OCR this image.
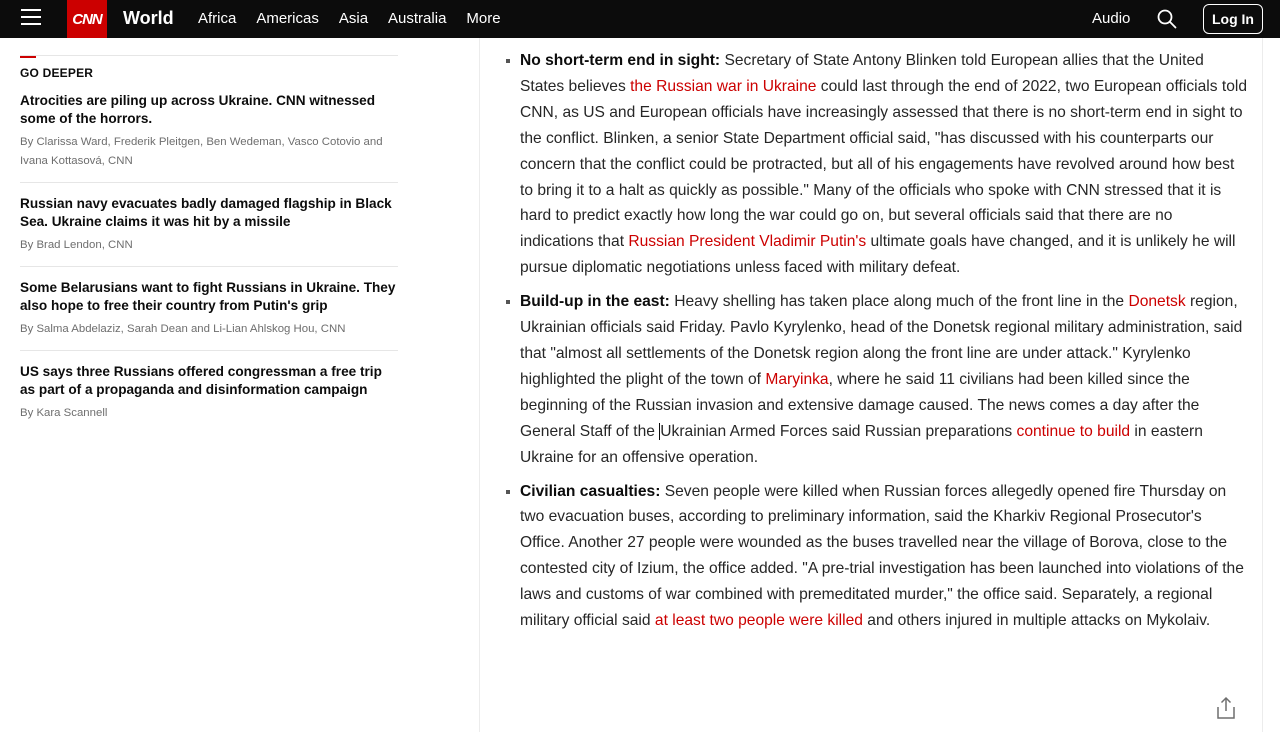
CNN World Africa Americas Asia Australia More	Audio	Log In
GO DEEPER
Atrocities are piling up across Ukraine. CNN witnessed some of the horrors.
By Clarissa Ward, Frederik Pleitgen, Ben Wedeman, Vasco Cotovio and Ivana Kottasová, CNN
Russian navy evacuates badly damaged flagship in Black Sea. Ukraine claims it was hit by a missile
By Brad Lendon, CNN
Some Belarusians want to fight Russians in Ukraine. They also hope to free their country from Putin's grip
By Salma Abdelaziz, Sarah Dean and Li-Lian Ahlskog Hou, CNN
US says three Russians offered congressman a free trip as part of a propaganda and disinformation campaign
By Kara Scannell
No short-term end in sight: Secretary of State Antony Blinken told European allies that the United States believes the Russian war in Ukraine could last through the end of 2022, two European officials told CNN, as US and European officials have increasingly assessed that there is no short-term end in sight to the conflict. Blinken, a senior State Department official said, "has discussed with his counterparts our concern that the conflict could be protracted, but all of his engagements have revolved around how best to bring it to a halt as quickly as possible." Many of the officials who spoke with CNN stressed that it is hard to predict exactly how long the war could go on, but several officials said that there are no indications that Russian President Vladimir Putin's ultimate goals have changed, and it is unlikely he will pursue diplomatic negotiations unless faced with military defeat.
Build-up in the east: Heavy shelling has taken place along much of the front line in the Donetsk region, Ukrainian officials said Friday. Pavlo Kyrylenko, head of the Donetsk regional military administration, said that "almost all settlements of the Donetsk region along the front line are under attack." Kyrylenko highlighted the plight of the town of Maryinka, where he said 11 civilians had been killed since the beginning of the Russian invasion and extensive damage caused. The news comes a day after the General Staff of the Ukrainian Armed Forces said Russian preparations continue to build in eastern Ukraine for an offensive operation.
Civilian casualties: Seven people were killed when Russian forces allegedly opened fire Thursday on two evacuation buses, according to preliminary information, said the Kharkiv Regional Prosecutor's Office. Another 27 people were wounded as the buses travelled near the village of Borova, close to the contested city of Izium, the office added. "A pre-trial investigation has been launched into violations of the laws and customs of war combined with premeditated murder," the office said. Separately, a regional military official said at least two people were killed and others injured in multiple attacks on Mykolaiv.
